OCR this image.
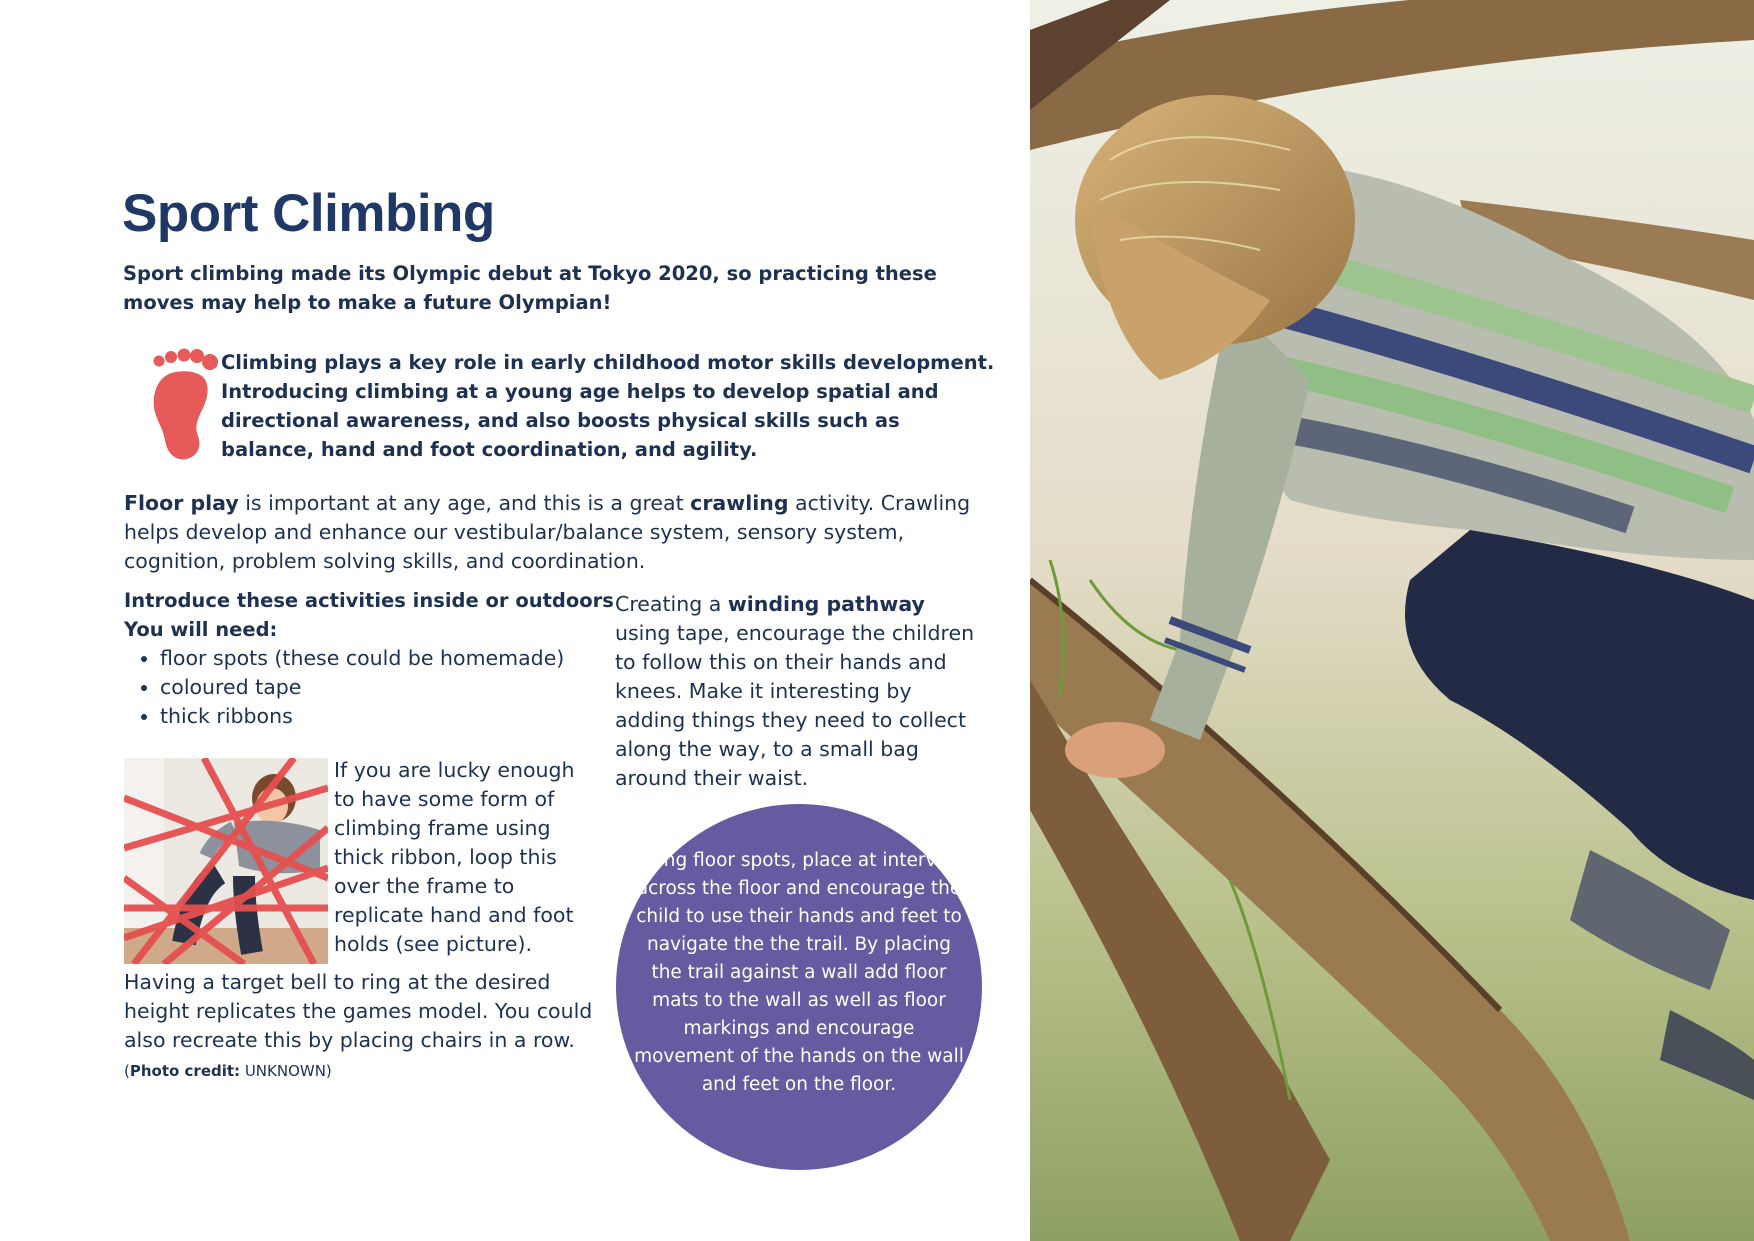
Sport Climbing

Sport climbing made its Olympic debut at Tokyo 2020, so practicing these moves may help to make a future Olympian!

Climbing plays a key role in early childhood motor skills development. Introducing climbing at a young age helps to develop spatial and directional awareness, and also boosts physical skills such as balance, hand and foot coordination, and agility.

Floor play is important at any age, and this is a great crawling activity. Crawling helps develop and enhance our vestibular/balance system, sensory system, cognition, problem solving skills, and coordination.

Introduce these activities inside or outdoors

You will need:

• floor spots (these could be homemade)
• coloured tape
• thick ribbons

If you are lucky enough to have some form of climbing frame using thick ribbon, loop this over the frame to replicate hand and foot holds (see picture).

Having a target bell to ring at the desired height replicates the games model. You could also recreate this by placing chairs in a row.(Photo credit: UNKNOWN)

Creating a winding pathway using tape, encourage the children to follow this on their hands and knees. Make it interesting by adding things they need to collect along the way, to a small bag around their waist.

Using floor spots, place at intervals across the floor and encourage the child to use their hands and feet to navigate the the trail. By placing the trail against a wall add floor mats to the wall as well as floor markings and encourage movement of the hands on the wall and feet on the floor.
